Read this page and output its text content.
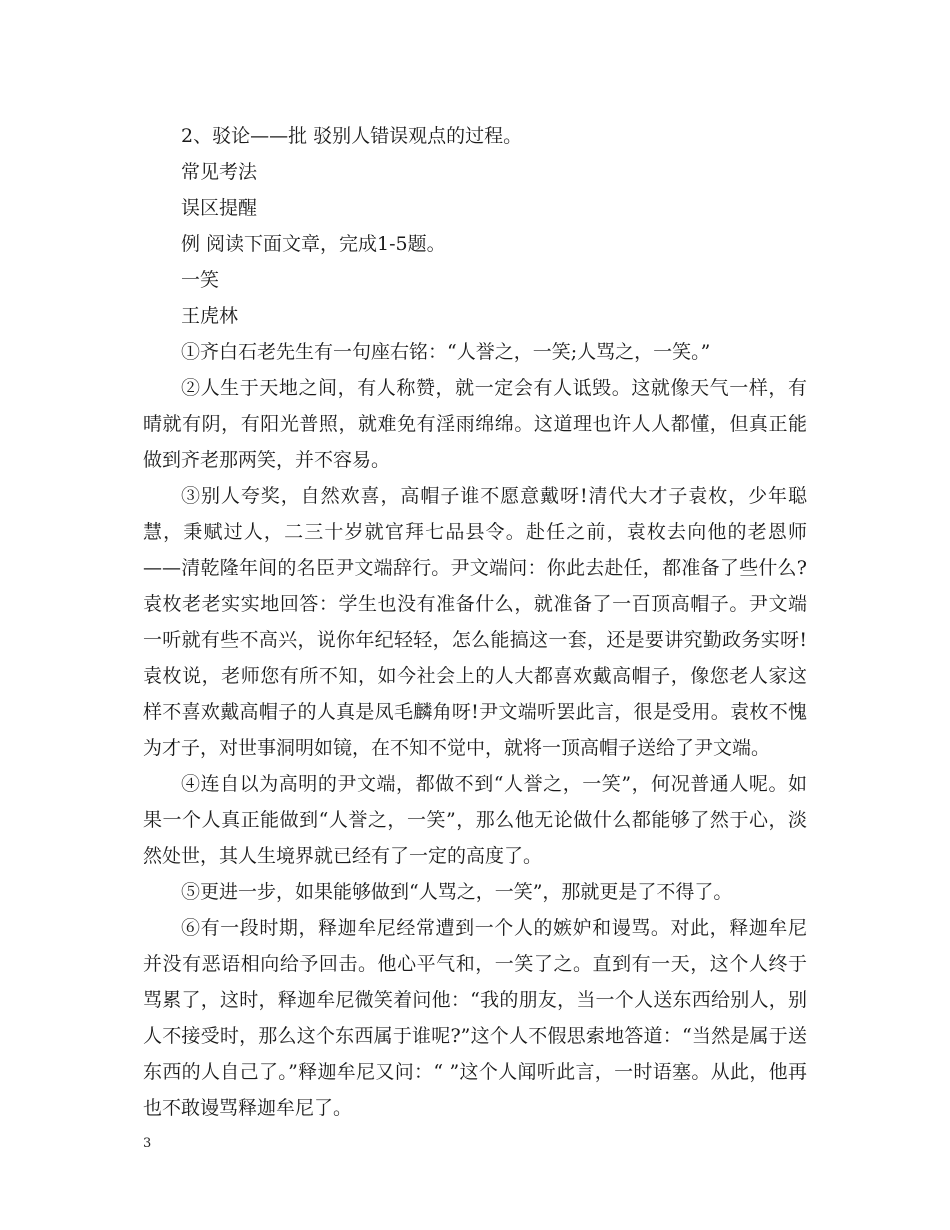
2、驳论——批 驳别人错误观点的过程。

常见考法

误区提醒

例 阅读下面文章，完成1-5题。

一笑

王虎林

①齐白石老先生有一句座右铭：“人誉之，一笑;人骂之，一笑。”

②人生于天地之间，有人称赞，就一定会有人诋毁。这就像天气一样，有晴就有阴，有阳光普照，就难免有淫雨绵绵。这道理也许人人都懂，但真正能做到齐老那两笑，并不容易。

③别人夸奖，自然欢喜，高帽子谁不愿意戴呀!清代大才子袁枚，少年聪慧，秉赋过人，二三十岁就官拜七品县令。赴任之前，袁枚去向他的老恩师——清乾隆年间的名臣尹文端辞行。尹文端问：你此去赴任，都准备了些什么?袁枚老老实实地回答：学生也没有准备什么，就准备了一百顶高帽子。尹文端一听就有些不高兴，说你年纪轻轻，怎么能搞这一套，还是要讲究勤政务实呀!袁枚说，老师您有所不知，如今社会上的人大都喜欢戴高帽子，像您老人家这样不喜欢戴高帽子的人真是凤毛麟角呀!尹文端听罢此言，很是受用。袁枚不愧为才子，对世事洞明如镜，在不知不觉中，就将一顶高帽子送给了尹文端。

④连自以为高明的尹文端，都做不到“人誉之，一笑”，何况普通人呢。如果一个人真正能做到“人誉之，一笑”，那么他无论做什么都能够了然于心，淡然处世，其人生境界就已经有了一定的高度了。

⑤更进一步，如果能够做到“人骂之，一笑”，那就更是了不得了。

⑥有一段时期，释迦牟尼经常遭到一个人的嫉妒和谩骂。对此，释迦牟尼并没有恶语相向给予回击。他心平气和，一笑了之。直到有一天，这个人终于骂累了，这时，释迦牟尼微笑着问他：“我的朋友，当一个人送东西给别人，别人不接受时，那么这个东西属于谁呢?”这个人不假思索地答道：“当然是属于送东西的人自己了。”释迦牟尼又问：“ ”这个人闻听此言，一时语塞。从此，他再也不敢谩骂释迦牟尼了。

3
